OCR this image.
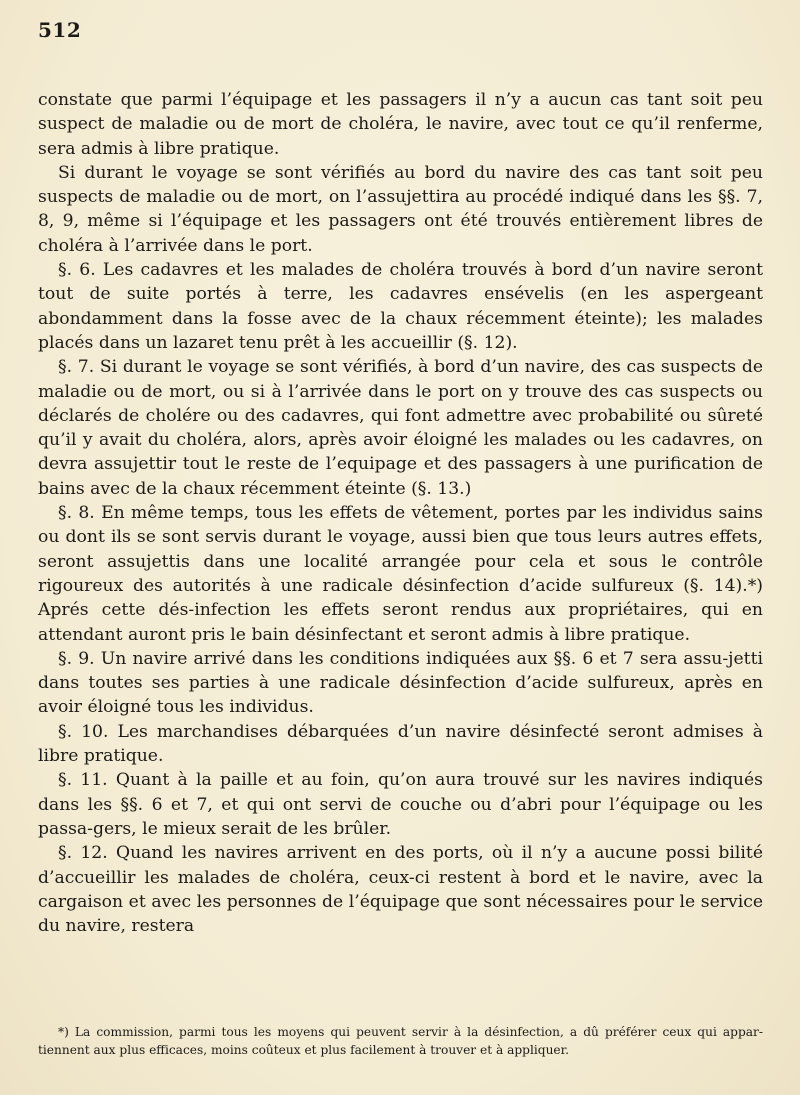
512

constate que parmi l’équipage et les passagers il n’y a aucun cas tant soit peu suspect de maladie ou de mort de choléra, le navire, avec tout ce qu’il renferme, sera admis à libre pratique.

Si durant le voyage se sont vérifiés au bord du navire des cas tant soit peu suspects de maladie ou de mort, on l’assujettira au procédé indiqué dans les §§. 7, 8, 9, même si l’équipage et les passagers ont été trouvés entièrement libres de choléra à l’arrivée dans le port.

§. 6. Les cadavres et les malades de choléra trouvés à bord d’un navire seront tout de suite portés à terre, les cadavres ensévelis (en les aspergeant abondamment dans la fosse avec de la chaux récemment éteinte); les malades placés dans un lazaret tenu prêt à les accueillir (§. 12).

§. 7. Si durant le voyage se sont vérifiés, à bord d’un navire, des cas suspects de maladie ou de mort, ou si à l’arrivée dans le port on y trouve des cas suspects ou déclarés de cholére ou des cadavres, qui font admettre avec probabilité ou sûreté qu’il y avait du choléra, alors, après avoir éloigné les malades ou les cadavres, on devra assujettir tout le reste de l’equipage et des passagers à une purification de bains avec de la chaux récemment éteinte (§. 13.)

§. 8. En même temps, tous les effets de vêtement, portes par les individus sains ou dont ils se sont servis durant le voyage, aussi bien que tous leurs autres effets, seront assujettis dans une localité arrangée pour cela et sous le contrôle rigoureux des autorités à une radicale désinfection d’acide sulfureux (§. 14).*) Aprés cette dés-infection les effets seront rendus aux propriétaires, qui en attendant auront pris le bain désinfectant et seront admis à libre pratique.

§. 9. Un navire arrivé dans les conditions indiquées aux §§. 6 et 7 sera assu-jetti dans toutes ses parties à une radicale désinfection d’acide sulfureux, après en avoir éloigné tous les individus.

§. 10. Les marchandises débarquées d’un navire désinfecté seront admises à libre pratique.

§. 11. Quant à la paille et au foin, qu’on aura trouvé sur les navires indiqués dans les §§. 6 et 7, et qui ont servi de couche ou d’abri pour l’équipage ou les passa-gers, le mieux serait de les brûler.

§. 12. Quand les navires arrivent en des ports, où il n’y a aucune possi bilité d’accueillir les malades de choléra, ceux-ci restent à bord et le navire, avec la cargaison et avec les personnes de l’équipage que sont nécessaires pour le service du navire, restera

*) La commission, parmi tous les moyens qui peuvent servir à la désinfection, a dû préférer ceux qui appar-tiennent aux plus efficaces, moins coûteux et plus facilement à trouver et à appliquer.
